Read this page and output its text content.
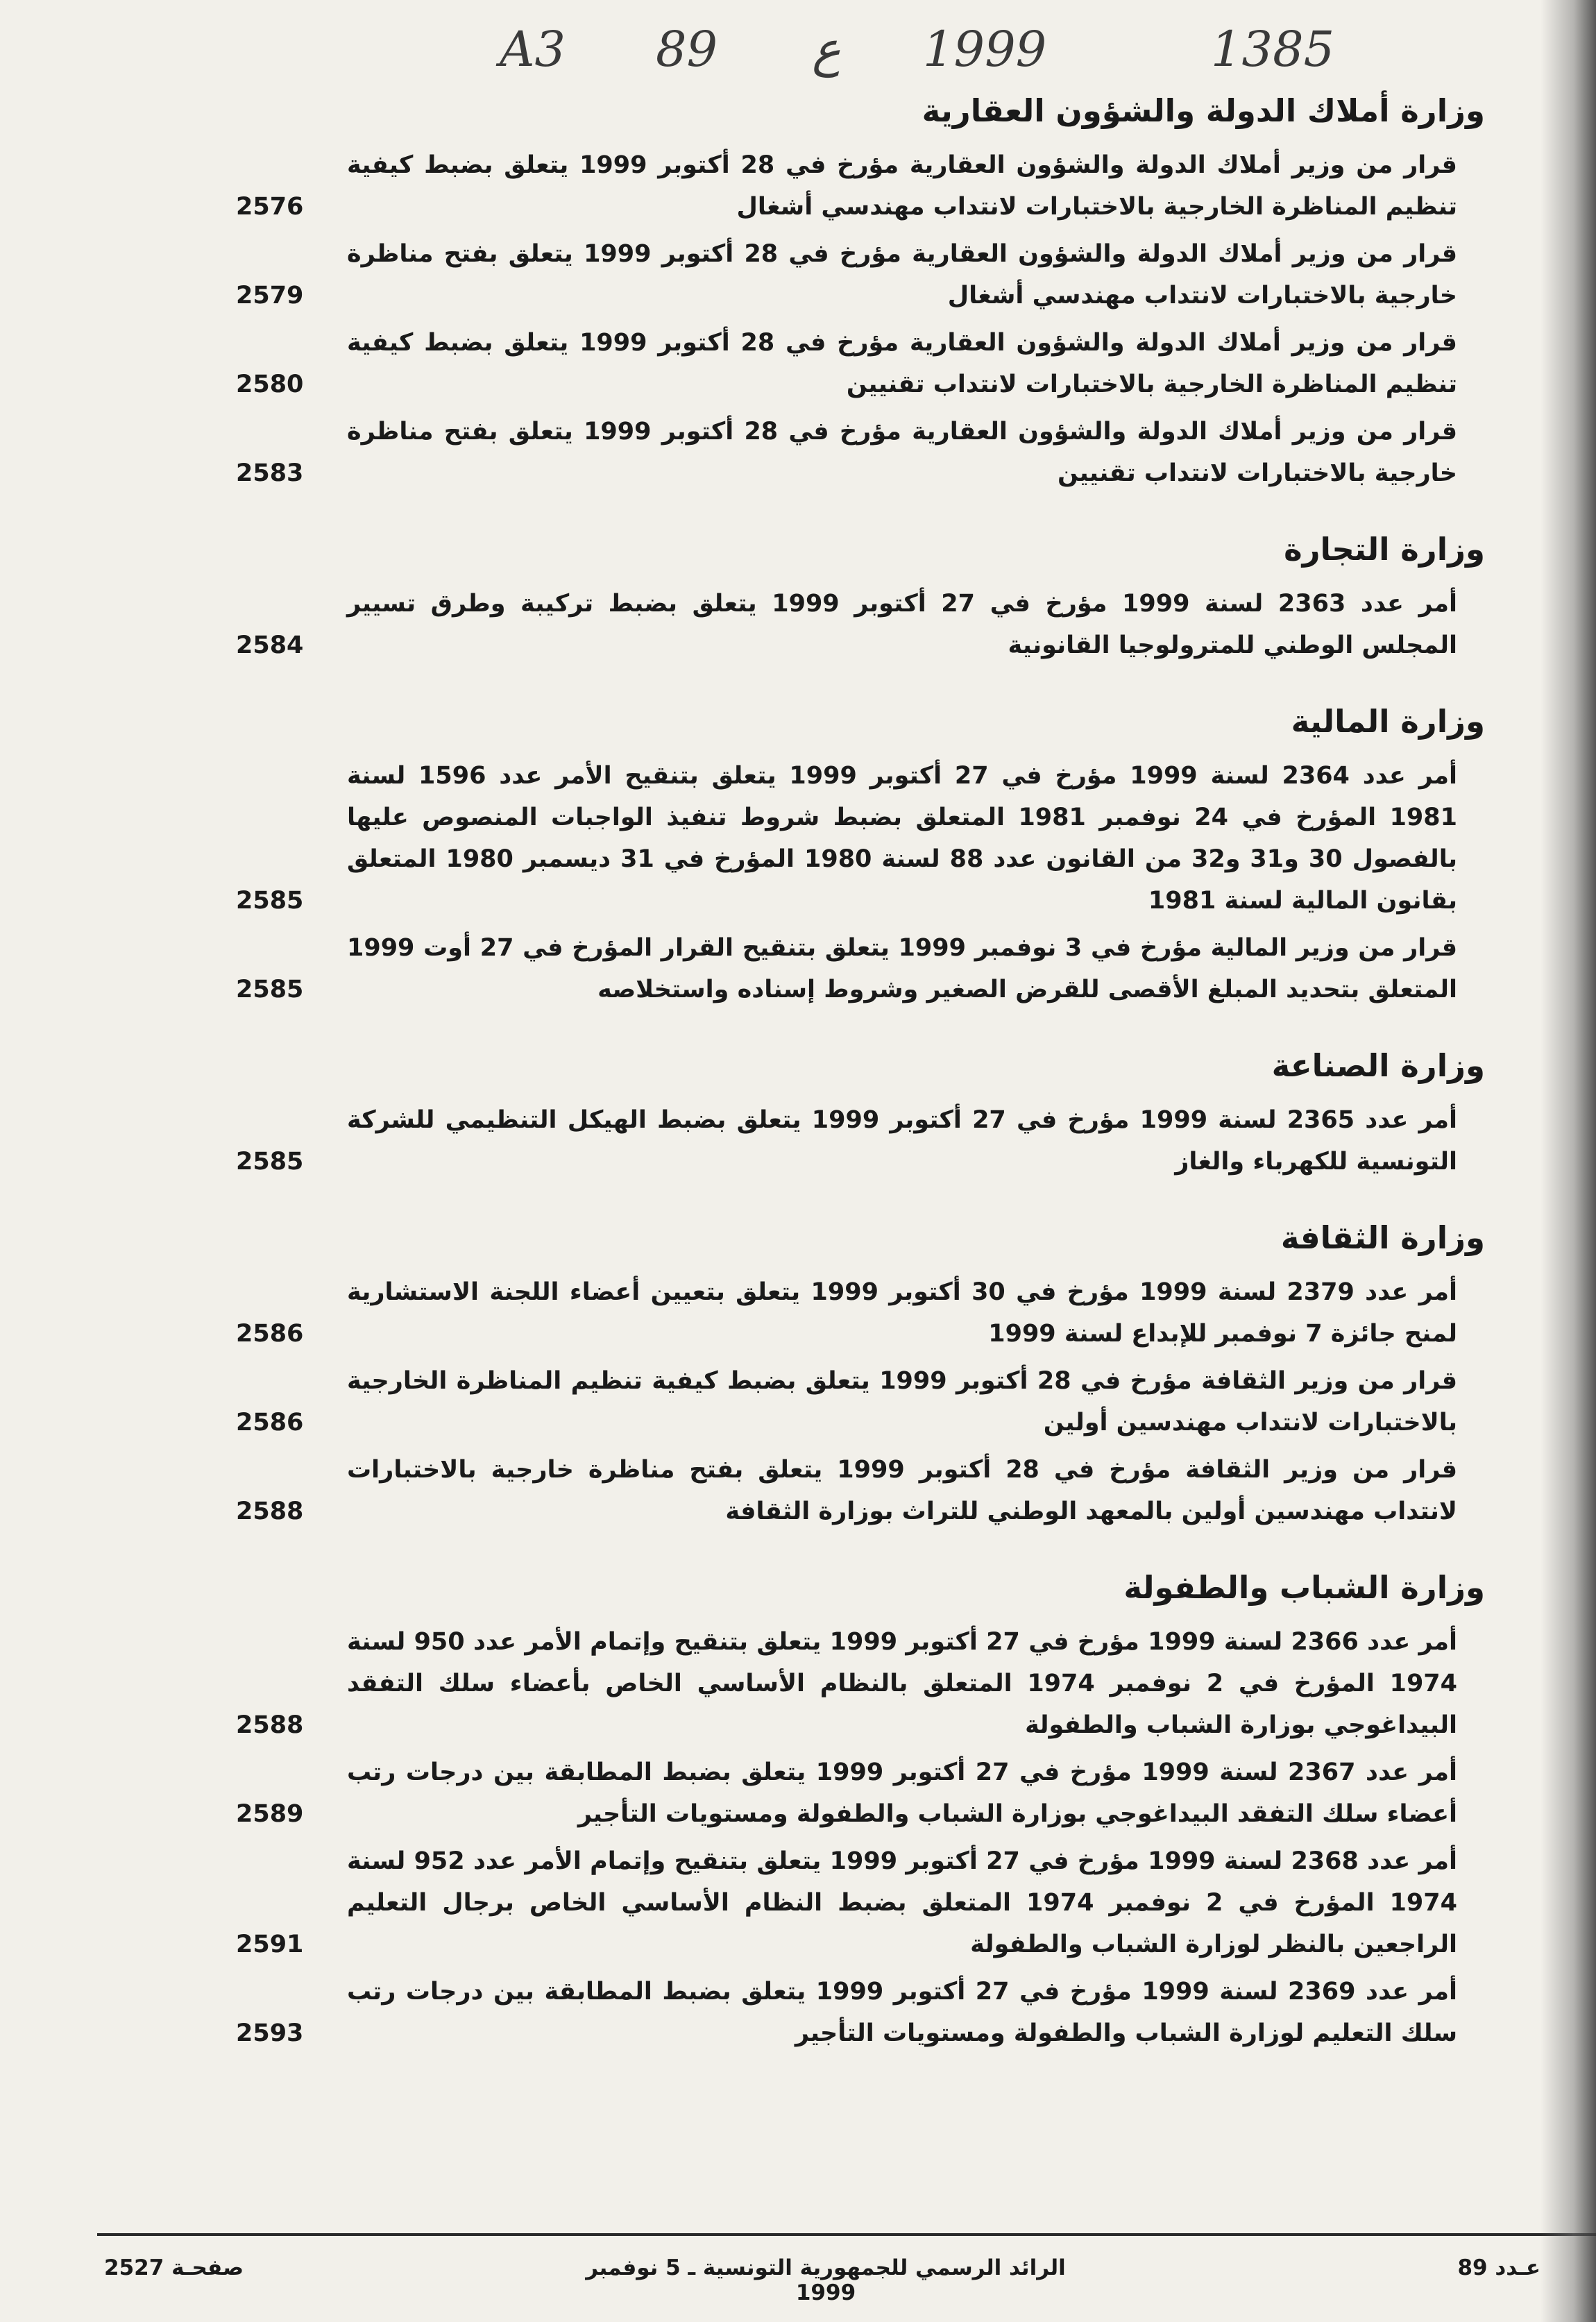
A3 89 ع 1999	1385
وزارة أملاك الدولة والشؤون العقارية
قرار من وزير أملاك الدولة والشؤون العقارية مؤرخ في 28 أكتوبر 1999 يتعلق بضبط كيفية تنظيم المناظرة الخارجية بالاختبارات لانتداب مهندسي أشغال
2576
قرار من وزير أملاك الدولة والشؤون العقارية مؤرخ في 28 أكتوبر 1999 يتعلق بفتح مناظرة خارجية بالاختبارات لانتداب مهندسي أشغال
2579
قرار من وزير أملاك الدولة والشؤون العقارية مؤرخ في 28 أكتوبر 1999 يتعلق بضبط كيفية تنظيم المناظرة الخارجية بالاختبارات لانتداب تقنيين
2580
قرار من وزير أملاك الدولة والشؤون العقارية مؤرخ في 28 أكتوبر 1999 يتعلق بفتح مناظرة خارجية بالاختبارات لانتداب تقنيين
2583
وزارة التجارة
أمر عدد 2363 لسنة 1999 مؤرخ في 27 أكتوبر 1999 يتعلق بضبط تركيبة وطرق تسيير المجلس الوطني للمترولوجيا القانونية
2584
وزارة المالية
أمر عدد 2364 لسنة 1999 مؤرخ في 27 أكتوبر 1999 يتعلق بتنقيح الأمر عدد 1596 لسنة 1981 المؤرخ في 24 نوفمبر 1981 المتعلق بضبط شروط تنفيذ الواجبات المنصوص عليها بالفصول 30 و31 و32 من القانون عدد 88 لسنة 1980 المؤرخ في 31 ديسمبر 1980 المتعلق بقانون المالية لسنة 1981
2585
قرار من وزير المالية مؤرخ في 3 نوفمبر 1999 يتعلق بتنقيح القرار المؤرخ في 27 أوت 1999 المتعلق بتحديد المبلغ الأقصى للقرض الصغير وشروط إسناده واستخلاصه
2585
وزارة الصناعة
أمر عدد 2365 لسنة 1999 مؤرخ في 27 أكتوبر 1999 يتعلق بضبط الهيكل التنظيمي للشركة التونسية للكهرباء والغاز
2585
وزارة الثقافة
أمر عدد 2379 لسنة 1999 مؤرخ في 30 أكتوبر 1999 يتعلق بتعيين أعضاء اللجنة الاستشارية لمنح جائزة 7 نوفمبر للإبداع لسنة 1999
2586
قرار من وزير الثقافة مؤرخ في 28 أكتوبر 1999 يتعلق بضبط كيفية تنظيم المناظرة الخارجية بالاختبارات لانتداب مهندسين أولين
2586
قرار من وزير الثقافة مؤرخ في 28 أكتوبر 1999 يتعلق بفتح مناظرة خارجية بالاختبارات لانتداب مهندسين أولين بالمعهد الوطني للتراث بوزارة الثقافة
2588
وزارة الشباب والطفولة
أمر عدد 2366 لسنة 1999 مؤرخ في 27 أكتوبر 1999 يتعلق بتنقيح وإتمام الأمر عدد 950 لسنة 1974 المؤرخ في 2 نوفمبر 1974 المتعلق بالنظام الأساسي الخاص بأعضاء سلك التفقد البيداغوجي بوزارة الشباب والطفولة
2588
أمر عدد 2367 لسنة 1999 مؤرخ في 27 أكتوبر 1999 يتعلق بضبط المطابقة بين درجات رتب أعضاء سلك التفقد البيداغوجي بوزارة الشباب والطفولة ومستويات التأجير
2589
أمر عدد 2368 لسنة 1999 مؤرخ في 27 أكتوبر 1999 يتعلق بتنقيح وإتمام الأمر عدد 952 لسنة 1974 المؤرخ في 2 نوفمبر 1974 المتعلق بضبط النظام الأساسي الخاص برجال التعليم الراجعين بالنظر لوزارة الشباب والطفولة
2591
أمر عدد 2369 لسنة 1999 مؤرخ في 27 أكتوبر 1999 يتعلق بضبط المطابقة بين درجات رتب سلك التعليم لوزارة الشباب والطفولة ومستويات التأجير
2593
صفحـة 2527	الرائد الرسمي للجمهورية التونسية ـ 5 نوفمبر 1999
عـدد 89
